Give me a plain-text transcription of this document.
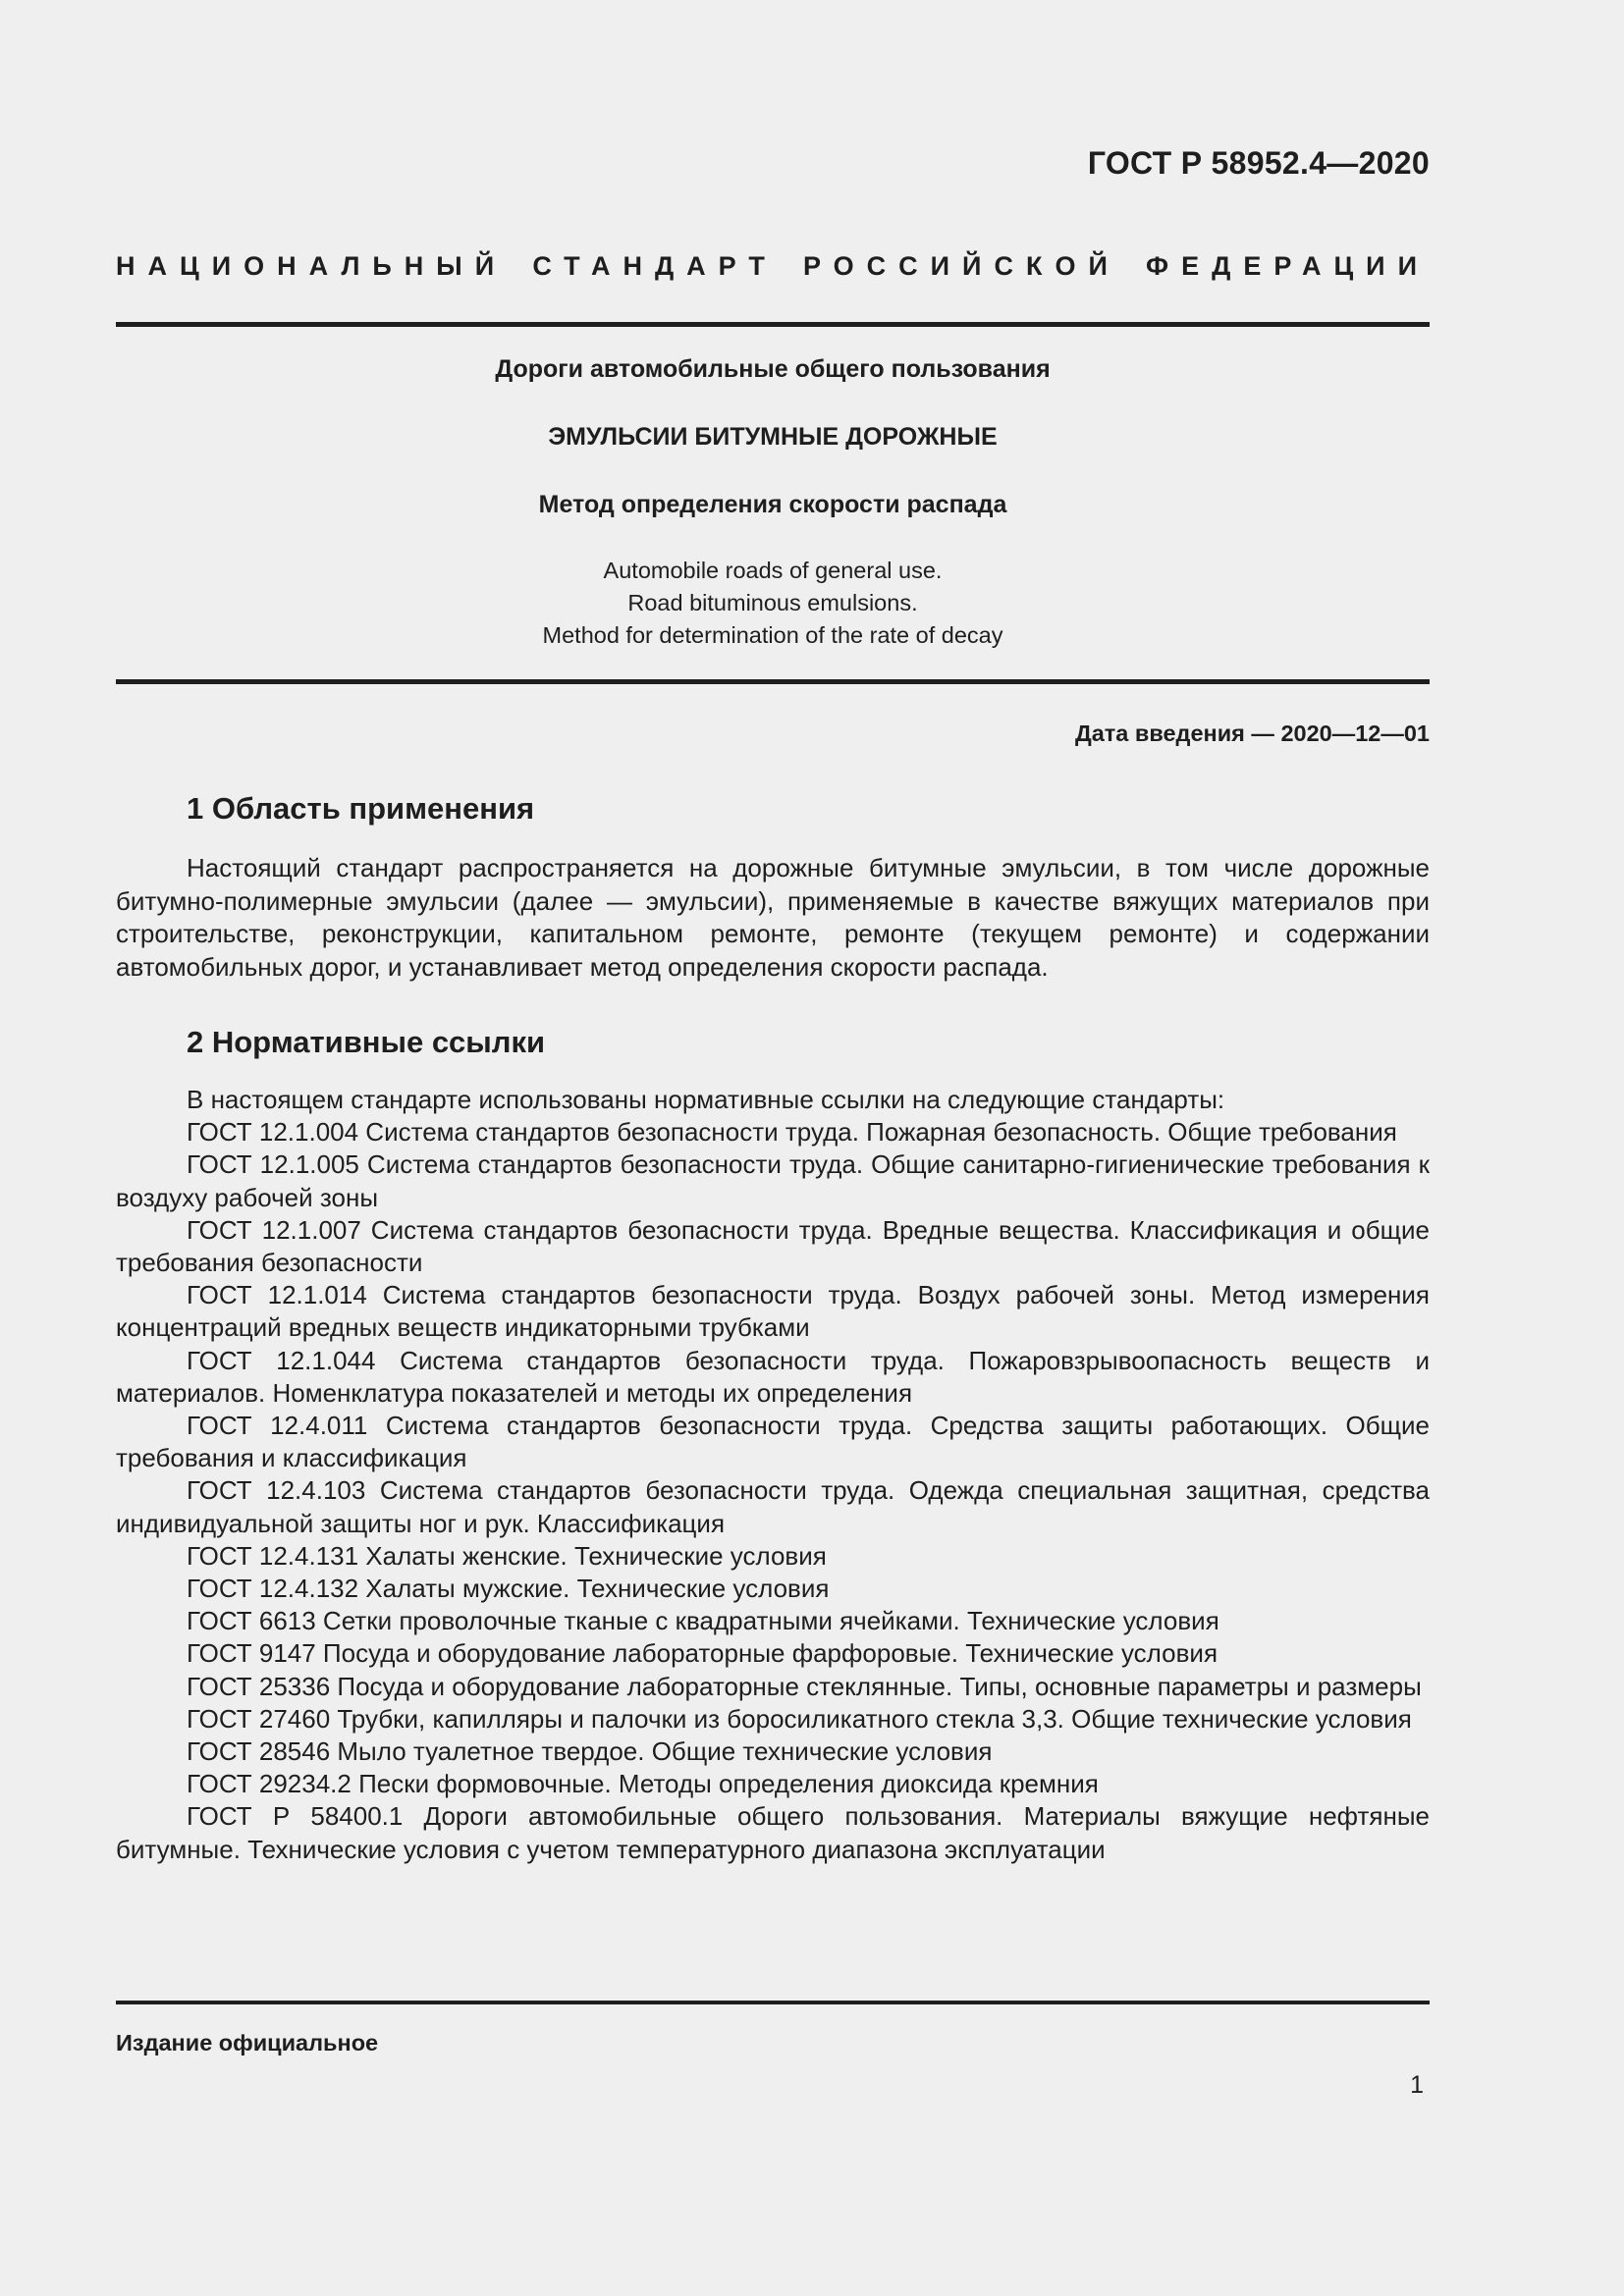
ГОСТ Р 58952.4—2020
НАЦИОНАЛЬНЫЙ СТАНДАРТ РОССИЙСКОЙ ФЕДЕРАЦИИ
Дороги автомобильные общего пользования
ЭМУЛЬСИИ БИТУМНЫЕ ДОРОЖНЫЕ
Метод определения скорости распада
Automobile roads of general use.
Road bituminous emulsions.
Method for determination of the rate of decay
Дата введения — 2020—12—01
1 Область применения
Настоящий стандарт распространяется на дорожные битумные эмульсии, в том числе дорожные битумно-полимерные эмульсии (далее — эмульсии), применяемые в качестве вяжущих материалов при строительстве, реконструкции, капитальном ремонте, ремонте (текущем ремонте) и содержании автомобильных дорог, и устанавливает метод определения скорости распада.
2 Нормативные ссылки
В настоящем стандарте использованы нормативные ссылки на следующие стандарты:
ГОСТ 12.1.004 Система стандартов безопасности труда. Пожарная безопасность. Общие требования
ГОСТ 12.1.005 Система стандартов безопасности труда. Общие санитарно-гигиенические требования к воздуху рабочей зоны
ГОСТ 12.1.007 Система стандартов безопасности труда. Вредные вещества. Классификация и общие требования безопасности
ГОСТ 12.1.014 Система стандартов безопасности труда. Воздух рабочей зоны. Метод измерения концентраций вредных веществ индикаторными трубками
ГОСТ 12.1.044 Система стандартов безопасности труда. Пожаровзрывоопасность веществ и материалов. Номенклатура показателей и методы их определения
ГОСТ 12.4.011 Система стандартов безопасности труда. Средства защиты работающих. Общие требования и классификация
ГОСТ 12.4.103 Система стандартов безопасности труда. Одежда специальная защитная, средства индивидуальной защиты ног и рук. Классификация
ГОСТ 12.4.131 Халаты женские. Технические условия
ГОСТ 12.4.132 Халаты мужские. Технические условия
ГОСТ 6613 Сетки проволочные тканые с квадратными ячейками. Технические условия
ГОСТ 9147 Посуда и оборудование лабораторные фарфоровые. Технические условия
ГОСТ 25336 Посуда и оборудование лабораторные стеклянные. Типы, основные параметры и размеры
ГОСТ 27460 Трубки, капилляры и палочки из боросиликатного стекла 3,3. Общие технические условия
ГОСТ 28546 Мыло туалетное твердое. Общие технические условия
ГОСТ 29234.2 Пески формовочные. Методы определения диоксида кремния
ГОСТ Р 58400.1 Дороги автомобильные общего пользования. Материалы вяжущие нефтяные битумные. Технические условия с учетом температурного диапазона эксплуатации
Издание официальное
1
